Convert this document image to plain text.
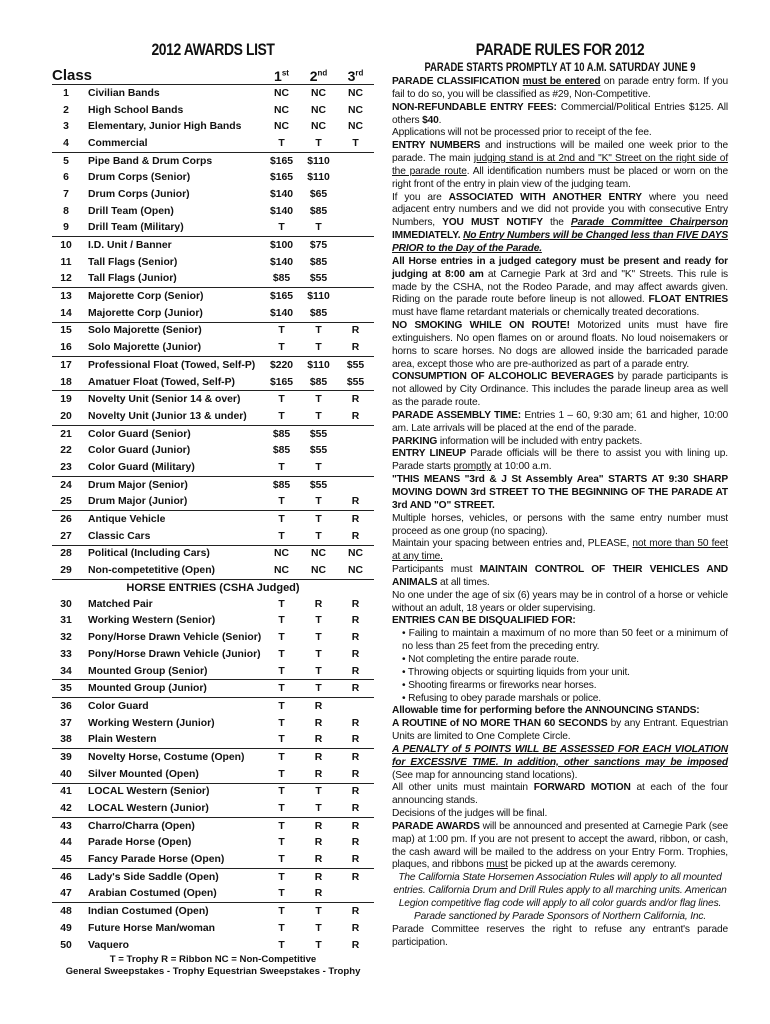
2012 AWARDS LIST
Class	1st	2nd	3rd
1	Civilian Bands	NC	NC	NC
2	High School Bands	NC	NC	NC
3	Elementary, Junior High Bands	NC	NC	NC
4	Commercial	T	T	T
5	Pipe Band & Drum Corps	$165	$110
6	Drum Corps (Senior)	$165	$110
7	Drum Corps (Junior)	$140	$65
8	Drill Team (Open)	$140	$85
9	Drill Team (Military)	T	T
10	I.D. Unit / Banner	$100	$75
11	Tall Flags (Senior)	$140	$85
12	Tall Flags (Junior)	$85	$55
13	Majorette Corp (Senior)	$165	$110
14	Majorette Corp (Junior)	$140	$85
15	Solo Majorette (Senior)	T	T	R
16	Solo Majorette (Junior)	T	T	R
17	Professional Float (Towed, Self-P)	$220	$110	$55
18	Amatuer Float (Towed, Self-P)	$165	$85	$55
19	Novelty Unit (Senior 14 & over)	T	T	R
20	Novelty Unit (Junior 13 & under)	T	T	R
21	Color Guard (Senior)	$85	$55
22	Color Guard (Junior)	$85	$55
23	Color Guard (Military)	T	T
24	Drum Major (Senior)	$85	$55
25	Drum Major (Junior)	T	T	R
26	Antique Vehicle	T	T	R
27	Classic Cars	T	T	R
28	Political (Including Cars)	NC	NC	NC
29	Non-competetitive (Open)	NC	NC	NC
HORSE ENTRIES (CSHA Judged)
30	Matched Pair	T	R	R
31	Working Western (Senior)	T	T	R
32	Pony/Horse Drawn Vehicle (Senior)	T	T	R
33	Pony/Horse Drawn Vehicle (Junior)	T	T	R
34	Mounted Group (Senior)	T	T	R
35	Mounted Group (Junior)	T	T	R
36	Color Guard	T	R
37	Working Western (Junior)	T	R	R
38	Plain Western	T	R	R
39	Novelty Horse, Costume (Open)	T	R	R
40	Silver Mounted (Open)	T	R	R
41	LOCAL Western (Senior)	T	T	R
42	LOCAL Western (Junior)	T	T	R
43	Charro/Charra (Open)	T	R	R
44	Parade Horse (Open)	T	R	R
45	Fancy Parade Horse (Open)	T	R	R
46	Lady's Side Saddle (Open)	T	R	R
47	Arabian Costumed (Open)	T	R
48	Indian Costumed (Open)	T	T	R
49	Future Horse Man/woman	T	T	R
50	Vaquero	T	T	R
T = Trophy R = Ribbon NC = Non-Competitive
General Sweepstakes - Trophy Equestrian Sweepstakes - Trophy
PARADE RULES FOR 2012
PARADE STARTS PROMPTLY AT 10 A.M. SATURDAY JUNE 9

PARADE CLASSIFICATION must be entered on parade entry form. If you fail to do so, you will be classified as #29, Non-Competitive.

NON-REFUNDABLE ENTRY FEES: Commercial/Political Entries $125. All others $40.

Applications will not be processed prior to receipt of the fee.

ENTRY NUMBERS and instructions will be mailed one week prior to the parade. The main judging stand is at 2nd and "K" Street on the right side of the parade route. All identification numbers must be placed or worn on the right front of the entry in plain view of the judging team.

If you are ASSOCIATED WITH ANOTHER ENTRY where you need adjacent entry numbers and we did not provide you with consecutive Entry Numbers, YOU MUST NOTIFY the Parade Committee Chairperson IMMEDIATELY. No Entry Numbers will be Changed less than FIVE DAYS PRIOR to the Day of the Parade.

All Horse entries in a judged category must be present and ready for judging at 8:00 am at Carnegie Park at 3rd and "K" Streets. This rule is made by the CSHA, not the Rodeo Parade, and may affect awards given. Riding on the parade route before lineup is not allowed. FLOAT ENTRIES must have flame retardant materials or chemically treated decorations.

NO SMOKING WHILE ON ROUTE! Motorized units must have fire extinguishers. No open flames on or around floats. No loud noisemakers or horns to scare horses. No dogs are allowed inside the barricaded parade area, except those who are pre-authorized as part of a parade entry.

CONSUMPTION OF ALCOHOLIC BEVERAGES by parade participants is not allowed by City Ordinance. This includes the parade lineup area as well as the parade route.

PARADE ASSEMBLY TIME: Entries 1 – 60, 9:30 am; 61 and higher, 10:00 am. Late arrivals will be placed at the end of the parade.

PARKING information will be included with entry packets.

ENTRY LINEUP Parade officials will be there to assist you with lining up. Parade starts promptly at 10:00 a.m.

"THIS MEANS "3rd & J St Assembly Area" STARTS AT 9:30 SHARP MOVING DOWN 3rd STREET TO THE BEGINNING OF THE PARADE AT 3rd AND "O" STREET.

Multiple horses, vehicles, or persons with the same entry number must proceed as one group (no spacing).

Maintain your spacing between entries and, PLEASE, not more than 50 feet at any time.

Participants must MAINTAIN CONTROL OF THEIR VEHICLES AND ANIMALS at all times.

No one under the age of six (6) years may be in control of a horse or vehicle without an adult, 18 years or older supervising.

ENTRIES CAN BE DISQUALIFIED FOR:

• Failing to maintain a maximum of no more than 50 feet or a minimum of no less than 25 feet from the preceding entry.
• Not completing the entire parade route.
• Throwing objects or squirting liquids from your unit.
• Shooting firearms or fireworks near horses.
• Refusing to obey parade marshals or police.

Allowable time for performing before the ANNOUNCING STANDS:

A ROUTINE of NO MORE THAN 60 SECONDS by any Entrant. Equestrian Units are limited to One Complete Circle.

A PENALTY of 5 POINTS WILL BE ASSESSED FOR EACH VIOLATION for EXCESSIVE TIME. In addition, other sanctions may be imposed (See map for announcing stand locations).

All other units must maintain FORWARD MOTION at each of the four announcing stands.

Decisions of the judges will be final.

PARADE AWARDS will be announced and presented at Carnegie Park (see map) at 1:00 pm. If you are not present to accept the award, ribbon, or cash, the cash award will be mailed to the address on your Entry Form. Trophies, plaques, and ribbons must be picked up at the awards ceremony.

The California State Horsemen Association Rules will apply to all mounted entries. California Drum and Drill Rules apply to all marching units. American Legion competitive flag code will apply to all color guards and/or flag lines. Parade sanctioned by Parade Sponsors of Northern California, Inc.

Parade Committee reserves the right to refuse any entrant's parade participation.
